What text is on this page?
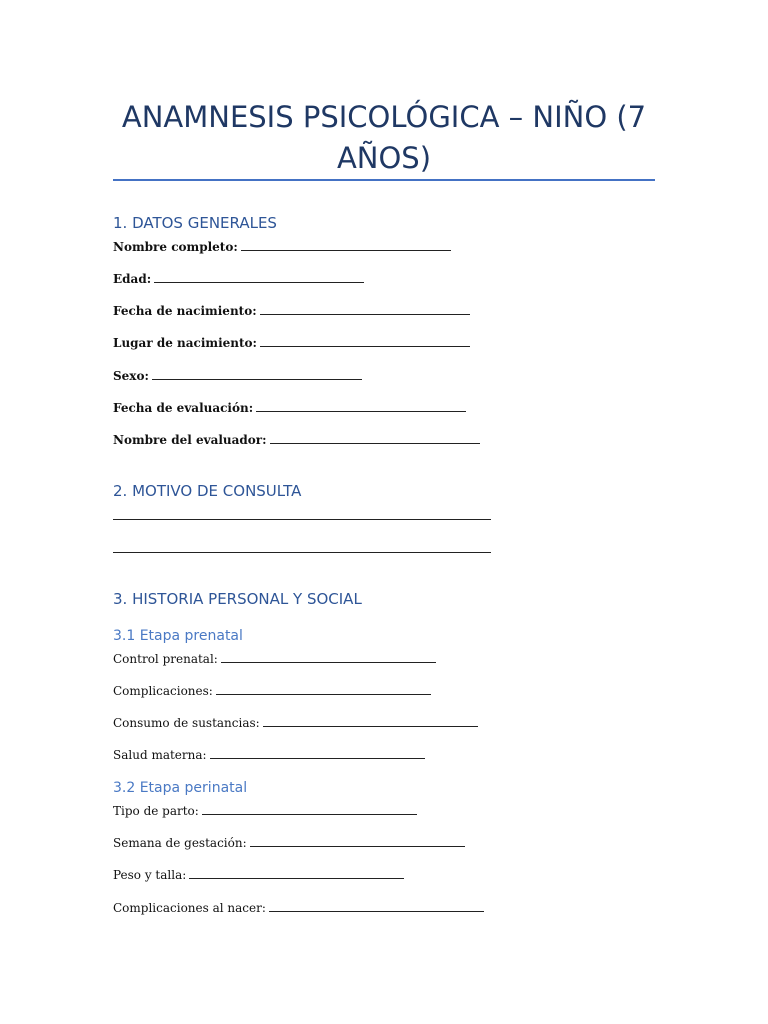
ANAMNESIS PSICOLÓGICA – NIÑO (7 AÑOS)
1. DATOS GENERALES
Nombre completo:
Edad:
Fecha de nacimiento:
Lugar de nacimiento:
Sexo:
Fecha de evaluación:
Nombre del evaluador:
2. MOTIVO DE CONSULTA
3. HISTORIA PERSONAL Y SOCIAL
3.1 Etapa prenatal
Control prenatal:
Complicaciones:
Consumo de sustancias:
Salud materna:
3.2 Etapa perinatal
Tipo de parto:
Semana de gestación:
Peso y talla:
Complicaciones al nacer:
